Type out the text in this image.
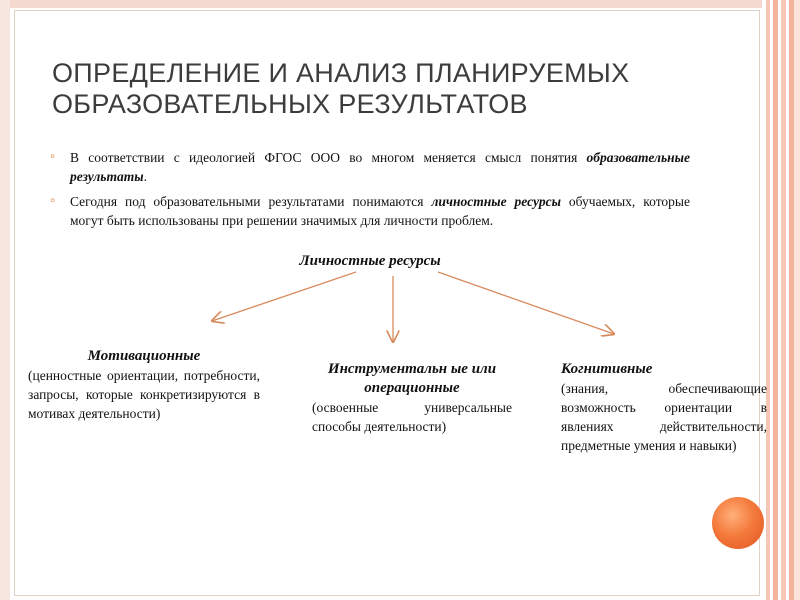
ОПРЕДЕЛЕНИЕ И АНАЛИЗ ПЛАНИРУЕМЫХ
ОБРАЗОВАТЕЛЬНЫХ РЕЗУЛЬТАТОВ
◦ В соответствии с идеологией ФГОС ООО во многом меняется смысл понятия образовательные результаты.
◦ Сегодня под образовательными результатами понимаются личностные ресурсы обучаемых, которые могут быть использованы при решении значимых для личности проблем.
Личностные ресурсы
Мотивационные
(ценностные ориентации, потребности, запросы, которые конкретизируются в мотивах деятельности)
Инструментальн ые или операционные
(освоенные универсальные способы деятельности)
Когнитивные
(знания, обеспечивающие возможность ориентации в явлениях действительности, предметные умения и навыки)
